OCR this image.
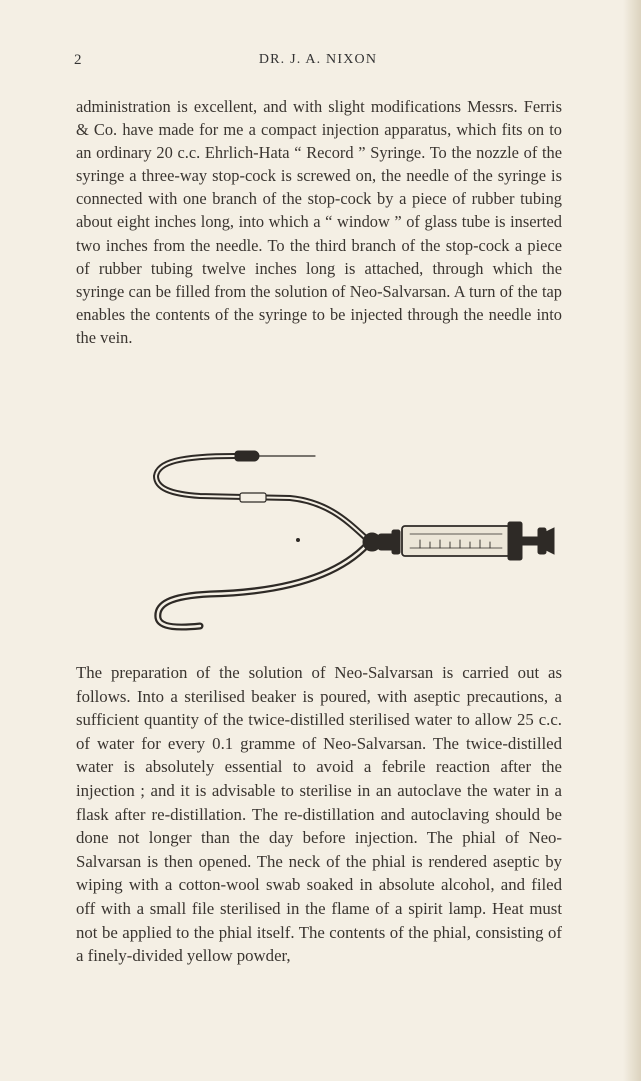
2	DR. J. A. NIXON

administration is excellent, and with slight modifications Messrs. Ferris & Co. have made for me a compact injection apparatus, which fits on to an ordinary 20 c.c. Ehrlich-Hata “ Record ” Syringe. To the nozzle of the syringe a three-way stop-cock is screwed on, the needle of the syringe is connected with one branch of the stop-cock by a piece of rubber tubing about eight inches long, into which a “ window ” of glass tube is inserted two inches from the needle. To the third branch of the stop-cock a piece of rubber tubing twelve inches long is attached, through which the syringe can be filled from the solution of Neo-Salvarsan. A turn of the tap enables the contents of the syringe to be injected through the needle into the vein.

The preparation of the solution of Neo-Salvarsan is carried out as follows. Into a sterilised beaker is poured, with aseptic precautions, a sufficient quantity of the twice-distilled sterilised water to allow 25 c.c. of water for every 0.1 gramme of Neo-Salvarsan. The twice-distilled water is absolutely essential to avoid a febrile reaction after the injection ; and it is advisable to sterilise in an autoclave the water in a flask after re-distillation. The re-distillation and autoclaving should be done not longer than the day before injection. The phial of Neo-Salvarsan is then opened. The neck of the phial is rendered aseptic by wiping with a cotton-wool swab soaked in absolute alcohol, and filed off with a small file sterilised in the flame of a spirit lamp. Heat must not be applied to the phial itself. The contents of the phial, consisting of a finely-divided yellow powder,
